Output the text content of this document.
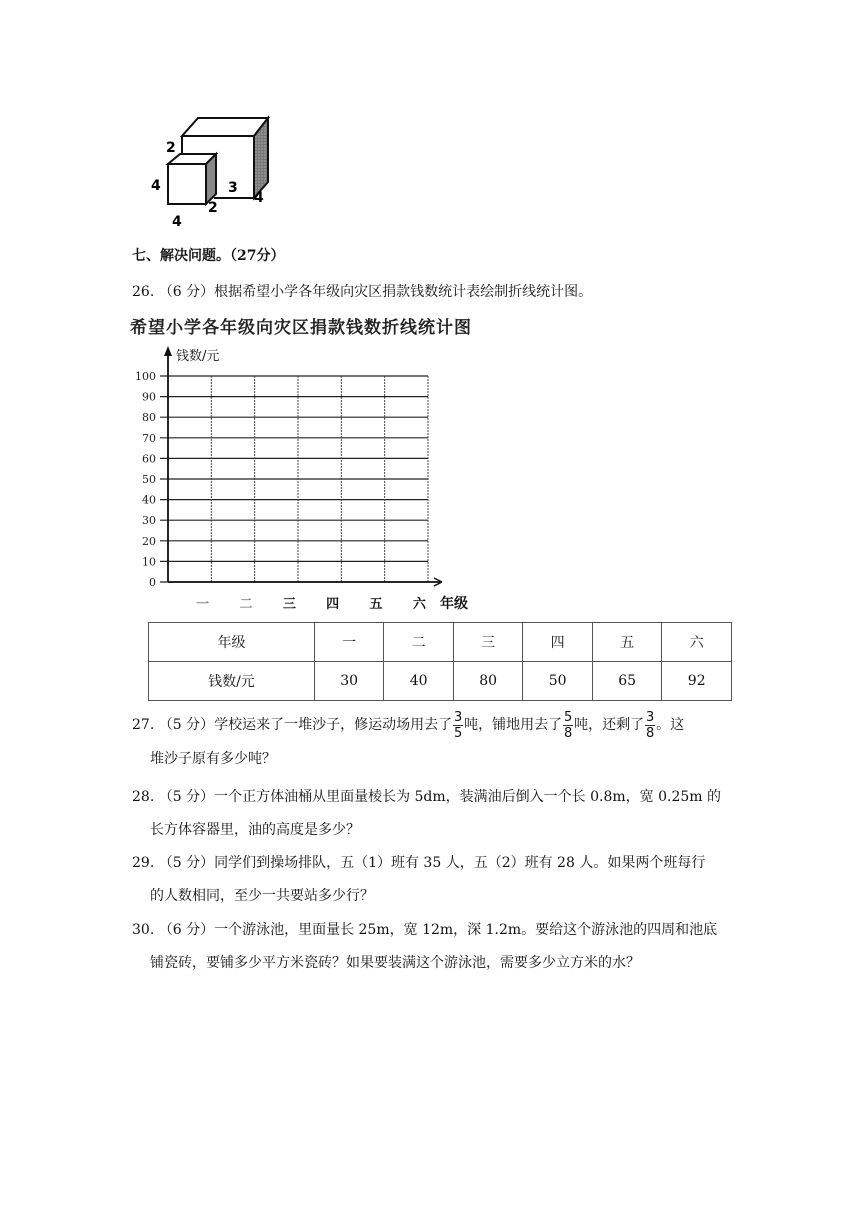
2
4	3
4
2
4
七、解决问题。（27分）
26. （6 分）根据希望小学各年级向灾区捐款钱数统计表绘制折线统计图。
希望小学各年级向灾区捐款钱数折线统计图
100
90
80
70
60
50
40
30
20
10
0
一 二 三 四 五 六
钱数/元
年级
年级	一	二	三	四	五	六
钱数/元	30	40	80	50	65	92
27. （5 分）学校运来了一堆沙子，修运动场用去了 $\frac{3}{5}$ 吨，铺地用去了 $\frac{5}{8}$ 吨，还剩了 $\frac{3}{8}$ 。这
堆沙子原有多少吨？
28. （5 分）一个正方体油桶从里面量棱长为 5dm，装满油后倒入一个长 0.8m，宽 0.25m 的
长方体容器里，油的高度是多少？
29. （5 分）同学们到操场排队，五（1）班有 35 人，五（2）班有 28 人。如果两个班每行
的人数相同，至少一共要站多少行？
30. （6 分）一个游泳池，里面量长 25m，宽 12m，深 1.2m。要给这个游泳池的四周和池底
铺瓷砖，要铺多少平方米瓷砖？如果要装满这个游泳池，需要多少立方米的水？
